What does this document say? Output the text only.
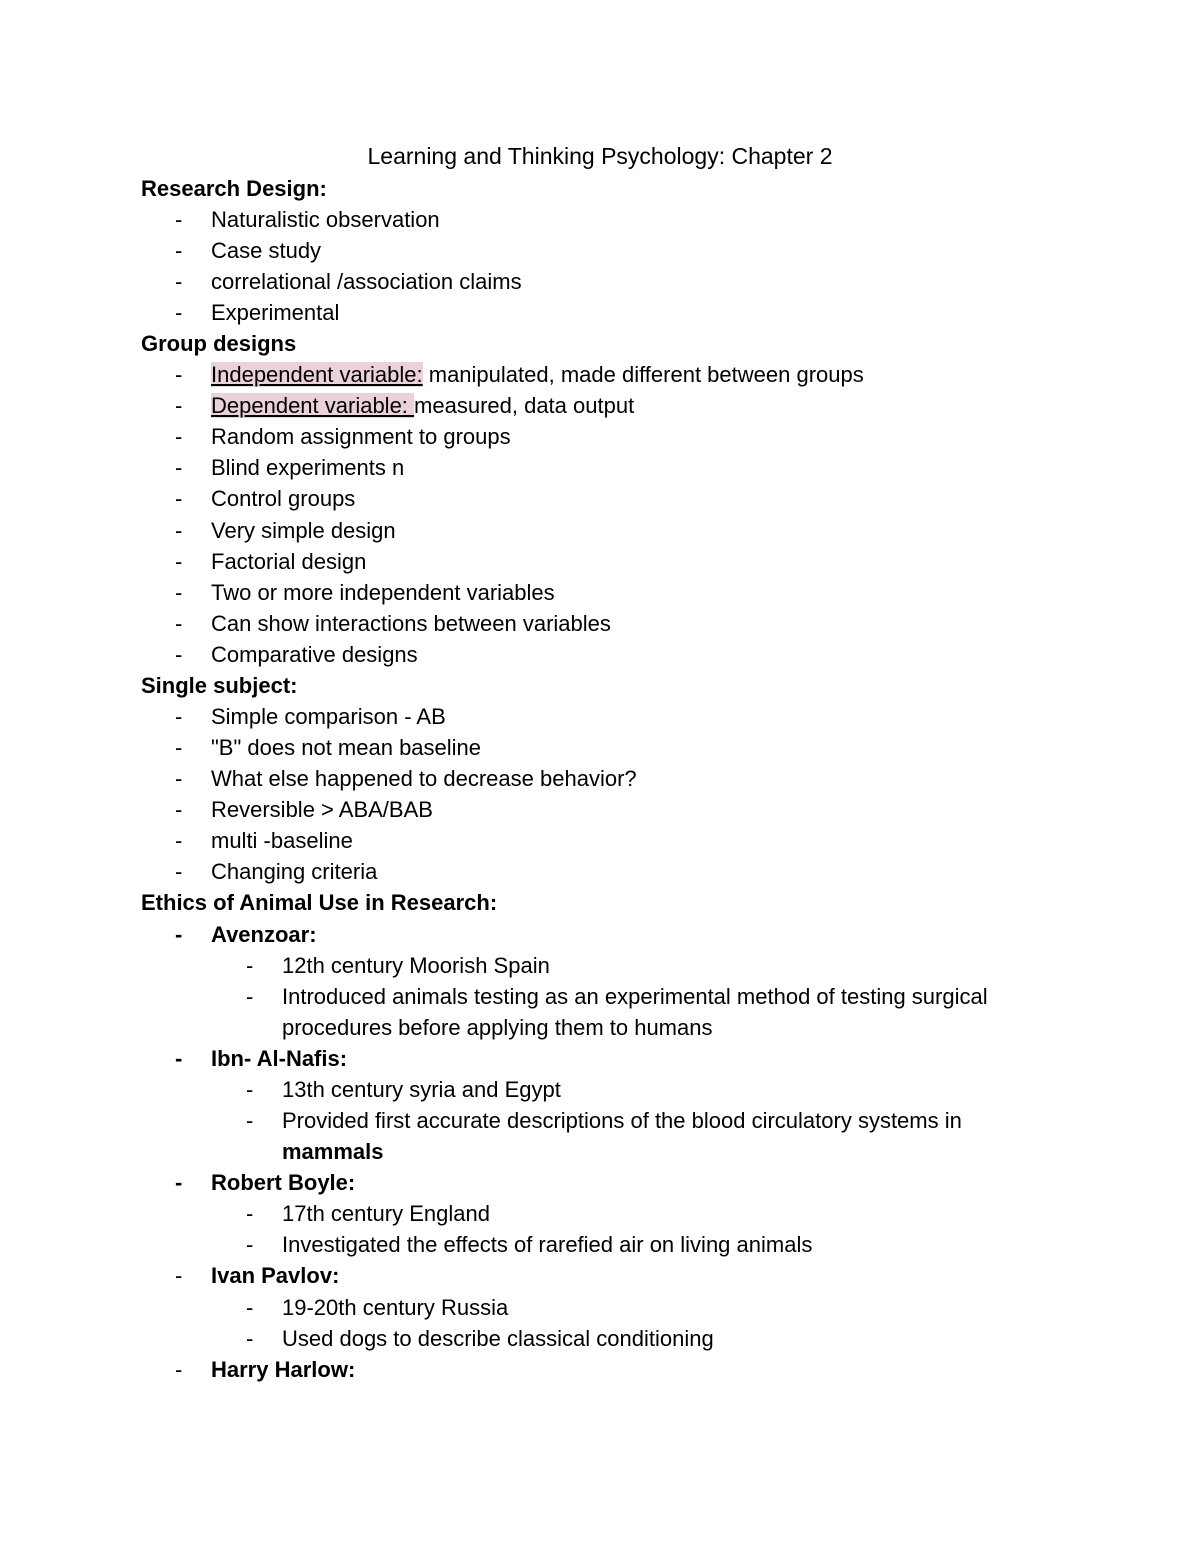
Learning and Thinking Psychology: Chapter 2
Research Design:
-	Naturalistic observation
-	Case study
-	correlational /association claims
-	Experimental
Group designs
-	Independent variable: manipulated, made different between groups
-	Dependent variable: measured, data output
-	Random assignment to groups
-	Blind experiments n
-	Control groups
-	Very simple design
-	Factorial design
-	Two or more independent variables
-	Can show interactions between variables
-	Comparative designs
Single subject:
-	Simple comparison - AB
-	"B" does not mean baseline
-	What else happened to decrease behavior?
-	Reversible > ABA/BAB
-	multi -baseline
-	Changing criteria
Ethics of Animal Use in Research:
-	Avenzoar:
-	12th century Moorish Spain
-	Introduced animals testing as an experimental method of testing surgical
procedures before applying them to humans
-	Ibn- Al-Nafis:
-	13th century syria and Egypt
-	Provided first accurate descriptions of the blood circulatory systems in
mammals
-	Robert Boyle:
-	17th century England
-	Investigated the effects of rarefied air on living animals
-	Ivan Pavlov:
-	19-20th century Russia
-	Used dogs to describe classical conditioning
-	Harry Harlow:
